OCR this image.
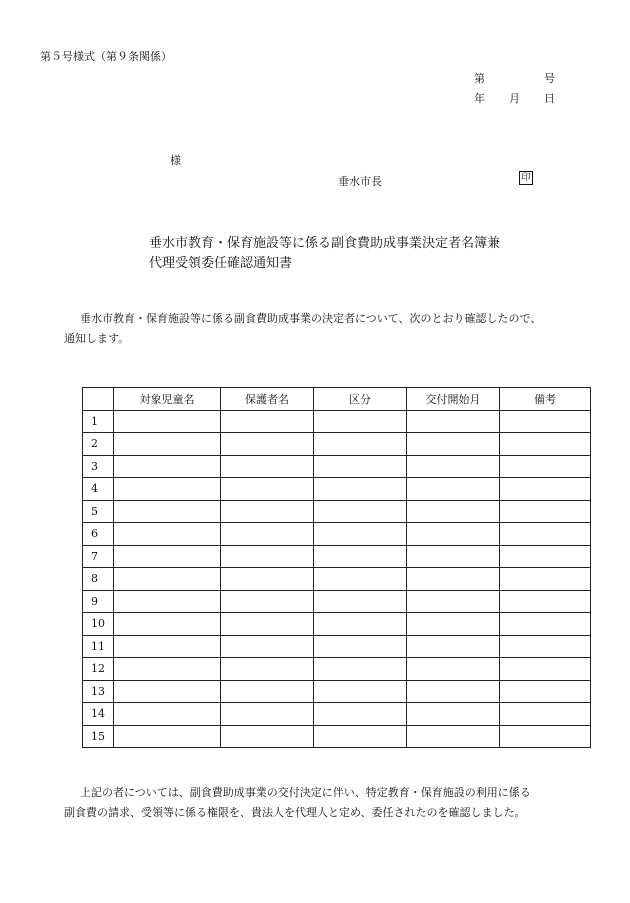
第５号様式（第９条関係）
第	号
年 月 日
様
垂水市長	印
垂水市教育・保育施設等に係る副食費助成事業決定者名簿兼
代理受領委任確認通知書
垂水市教育・保育施設等に係る副食費助成事業の決定者について、次のとおり確認したので、
通知します。
	対象児童名	保護者名	区分	交付開始月	備考
1					
2					
3					
4					
5					
6					
7					
8					
9					
10					
11					
12					
13					
14					
15					
上記の者については、副食費助成事業の交付決定に伴い、特定教育・保育施設の利用に係る
副食費の請求、受領等に係る権限を、貴法人を代理人と定め、委任されたのを確認しました。
